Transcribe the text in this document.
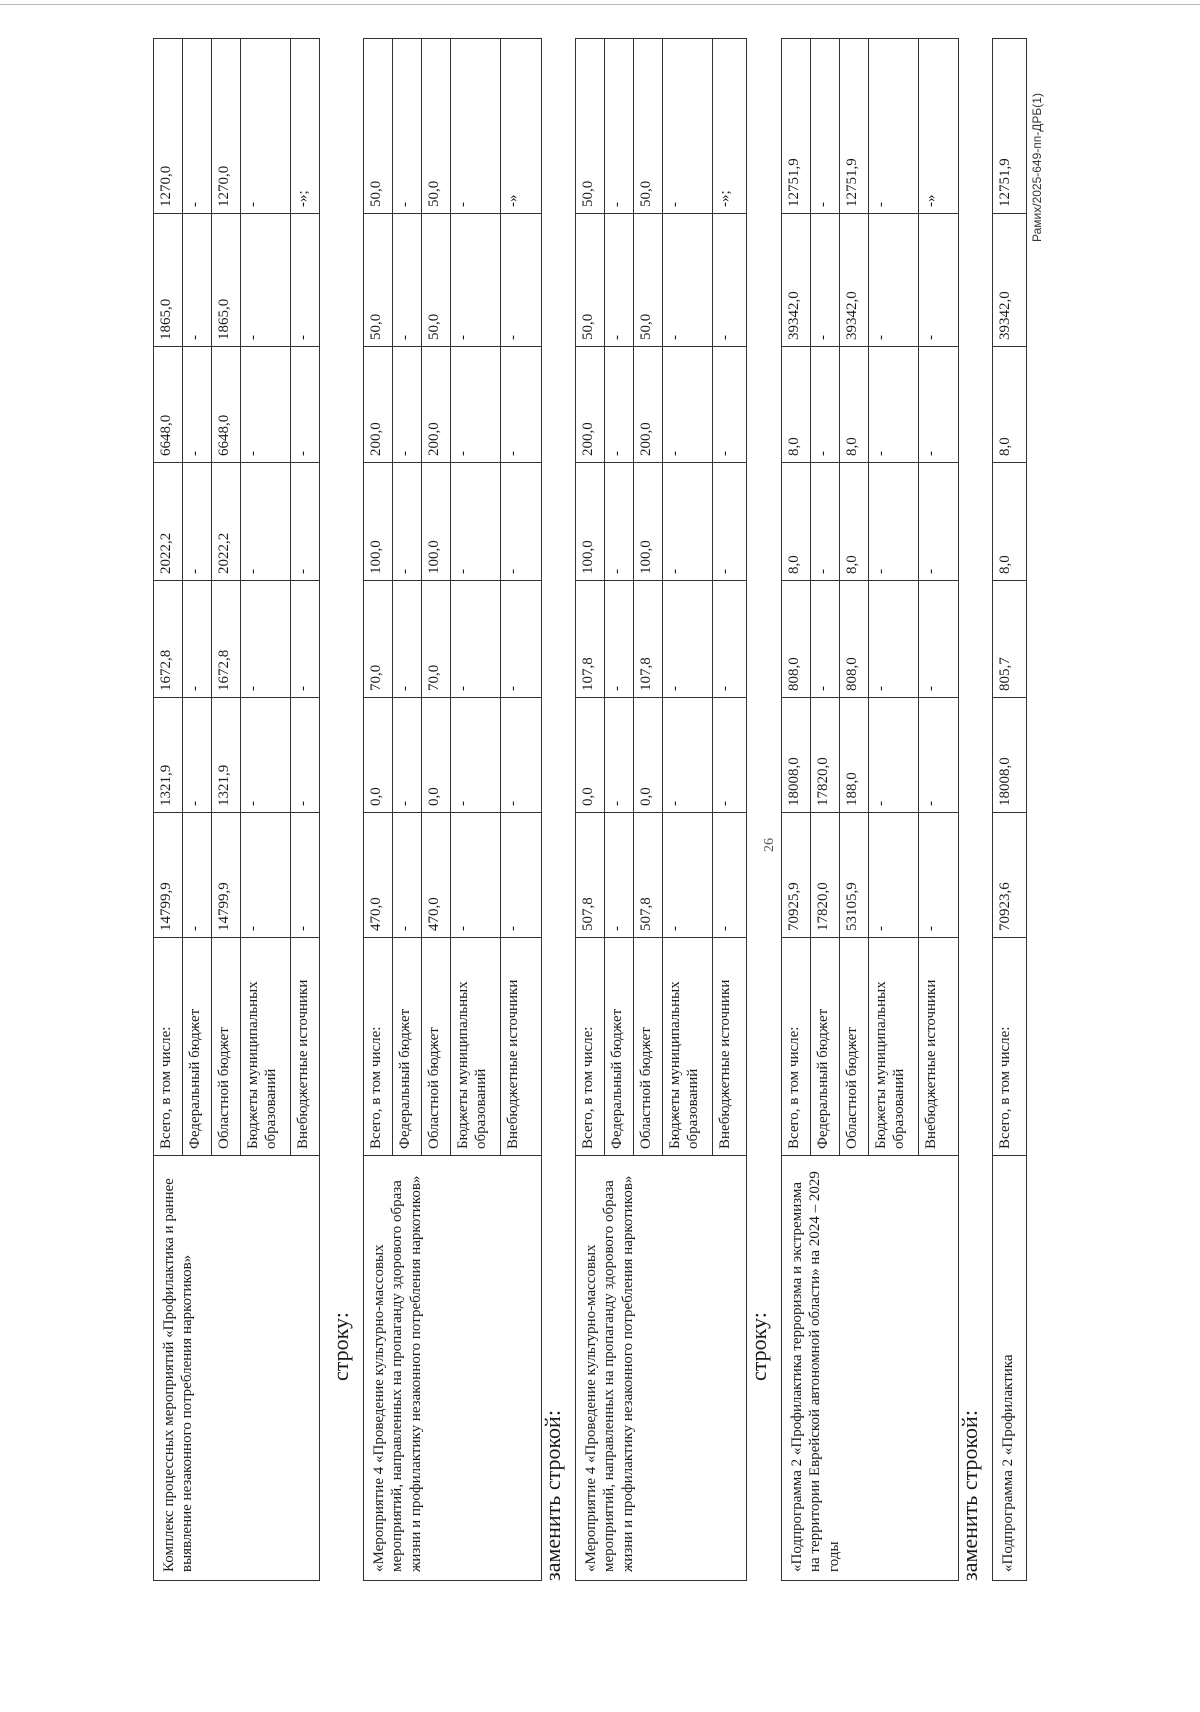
26
Комплекс процессных мероприятий «Профилактика и раннее выявление незаконного потребления наркотиков»	Всего, в том числе:	14799,9	1321,9	1672,8	2022,2	6648,0	1865,0	1270,0
	Федеральный бюджет	-	-	-	-	-	-	-
	Областной бюджет	14799,9	1321,9	1672,8	2022,2	6648,0	1865,0	1270,0
	Бюджеты муниципальных образований	-	-	-	-	-	-	-
	Внебюджетные источники	-	-	-	-	-	-	-»;
строку: «Мероприятие 4 «Проведение культурно-массовых мероприятий, направленных на пропаганду здорового образа жизни и профилактику незаконного потребления наркотиков»	Всего, в том числе:	470,0	0,0	70,0	100,0	200,0	50,0	50,0
	Федеральный бюджет	-	-	-	-	-	-	-
	Областной бюджет	470,0	0,0	70,0	100,0	200,0	50,0	50,0
	Бюджеты муниципальных образований	-	-	-	-	-	-	-
	Внебюджетные источники	-	-	-	-	-	-	-»
заменить строкой: «Мероприятие 4 «Проведение культурно-массовых мероприятий, направленных на пропаганду здорового образа жизни и профилактику незаконного потребления наркотиков»	Всего, в том числе:	507,8	0,0	107,8	100,0	200,0	50,0	50,0
	Федеральный бюджет	-	-	-	-	-	-	-
	Областной бюджет	507,8	0,0	107,8	100,0	200,0	50,0	50,0
	Бюджеты муниципальных образований	-	-	-	-	-	-	-
	Внебюджетные источники	-	-	-	-	-	-	-»;
строку: «Подпрограмма 2 «Профилактика терроризма и экстремизма на территории Еврейской автономной области» на 2024 – 2029 годы	Всего, в том числе:	70925,9	18008,0	808,0	8,0	8,0	39342,0	12751,9
	Федеральный бюджет	17820,0	17820,0	-	-	-	-	-
	Областной бюджет	53105,9	188,0	808,0	8,0	8,0	39342,0	12751,9
	Бюджеты муниципальных образований	-	-	-	-	-	-	-
	Внебюджетные источники	-	-	-	-	-	-	-»
заменить строкой: «Подпрограмма 2 «Профилактика	Всего, в том числе:	70923,6	18008,0	805,7	8,0	8,0	39342,0	12751,9 Рамих/2025-649-пп-ДРБ(1)
